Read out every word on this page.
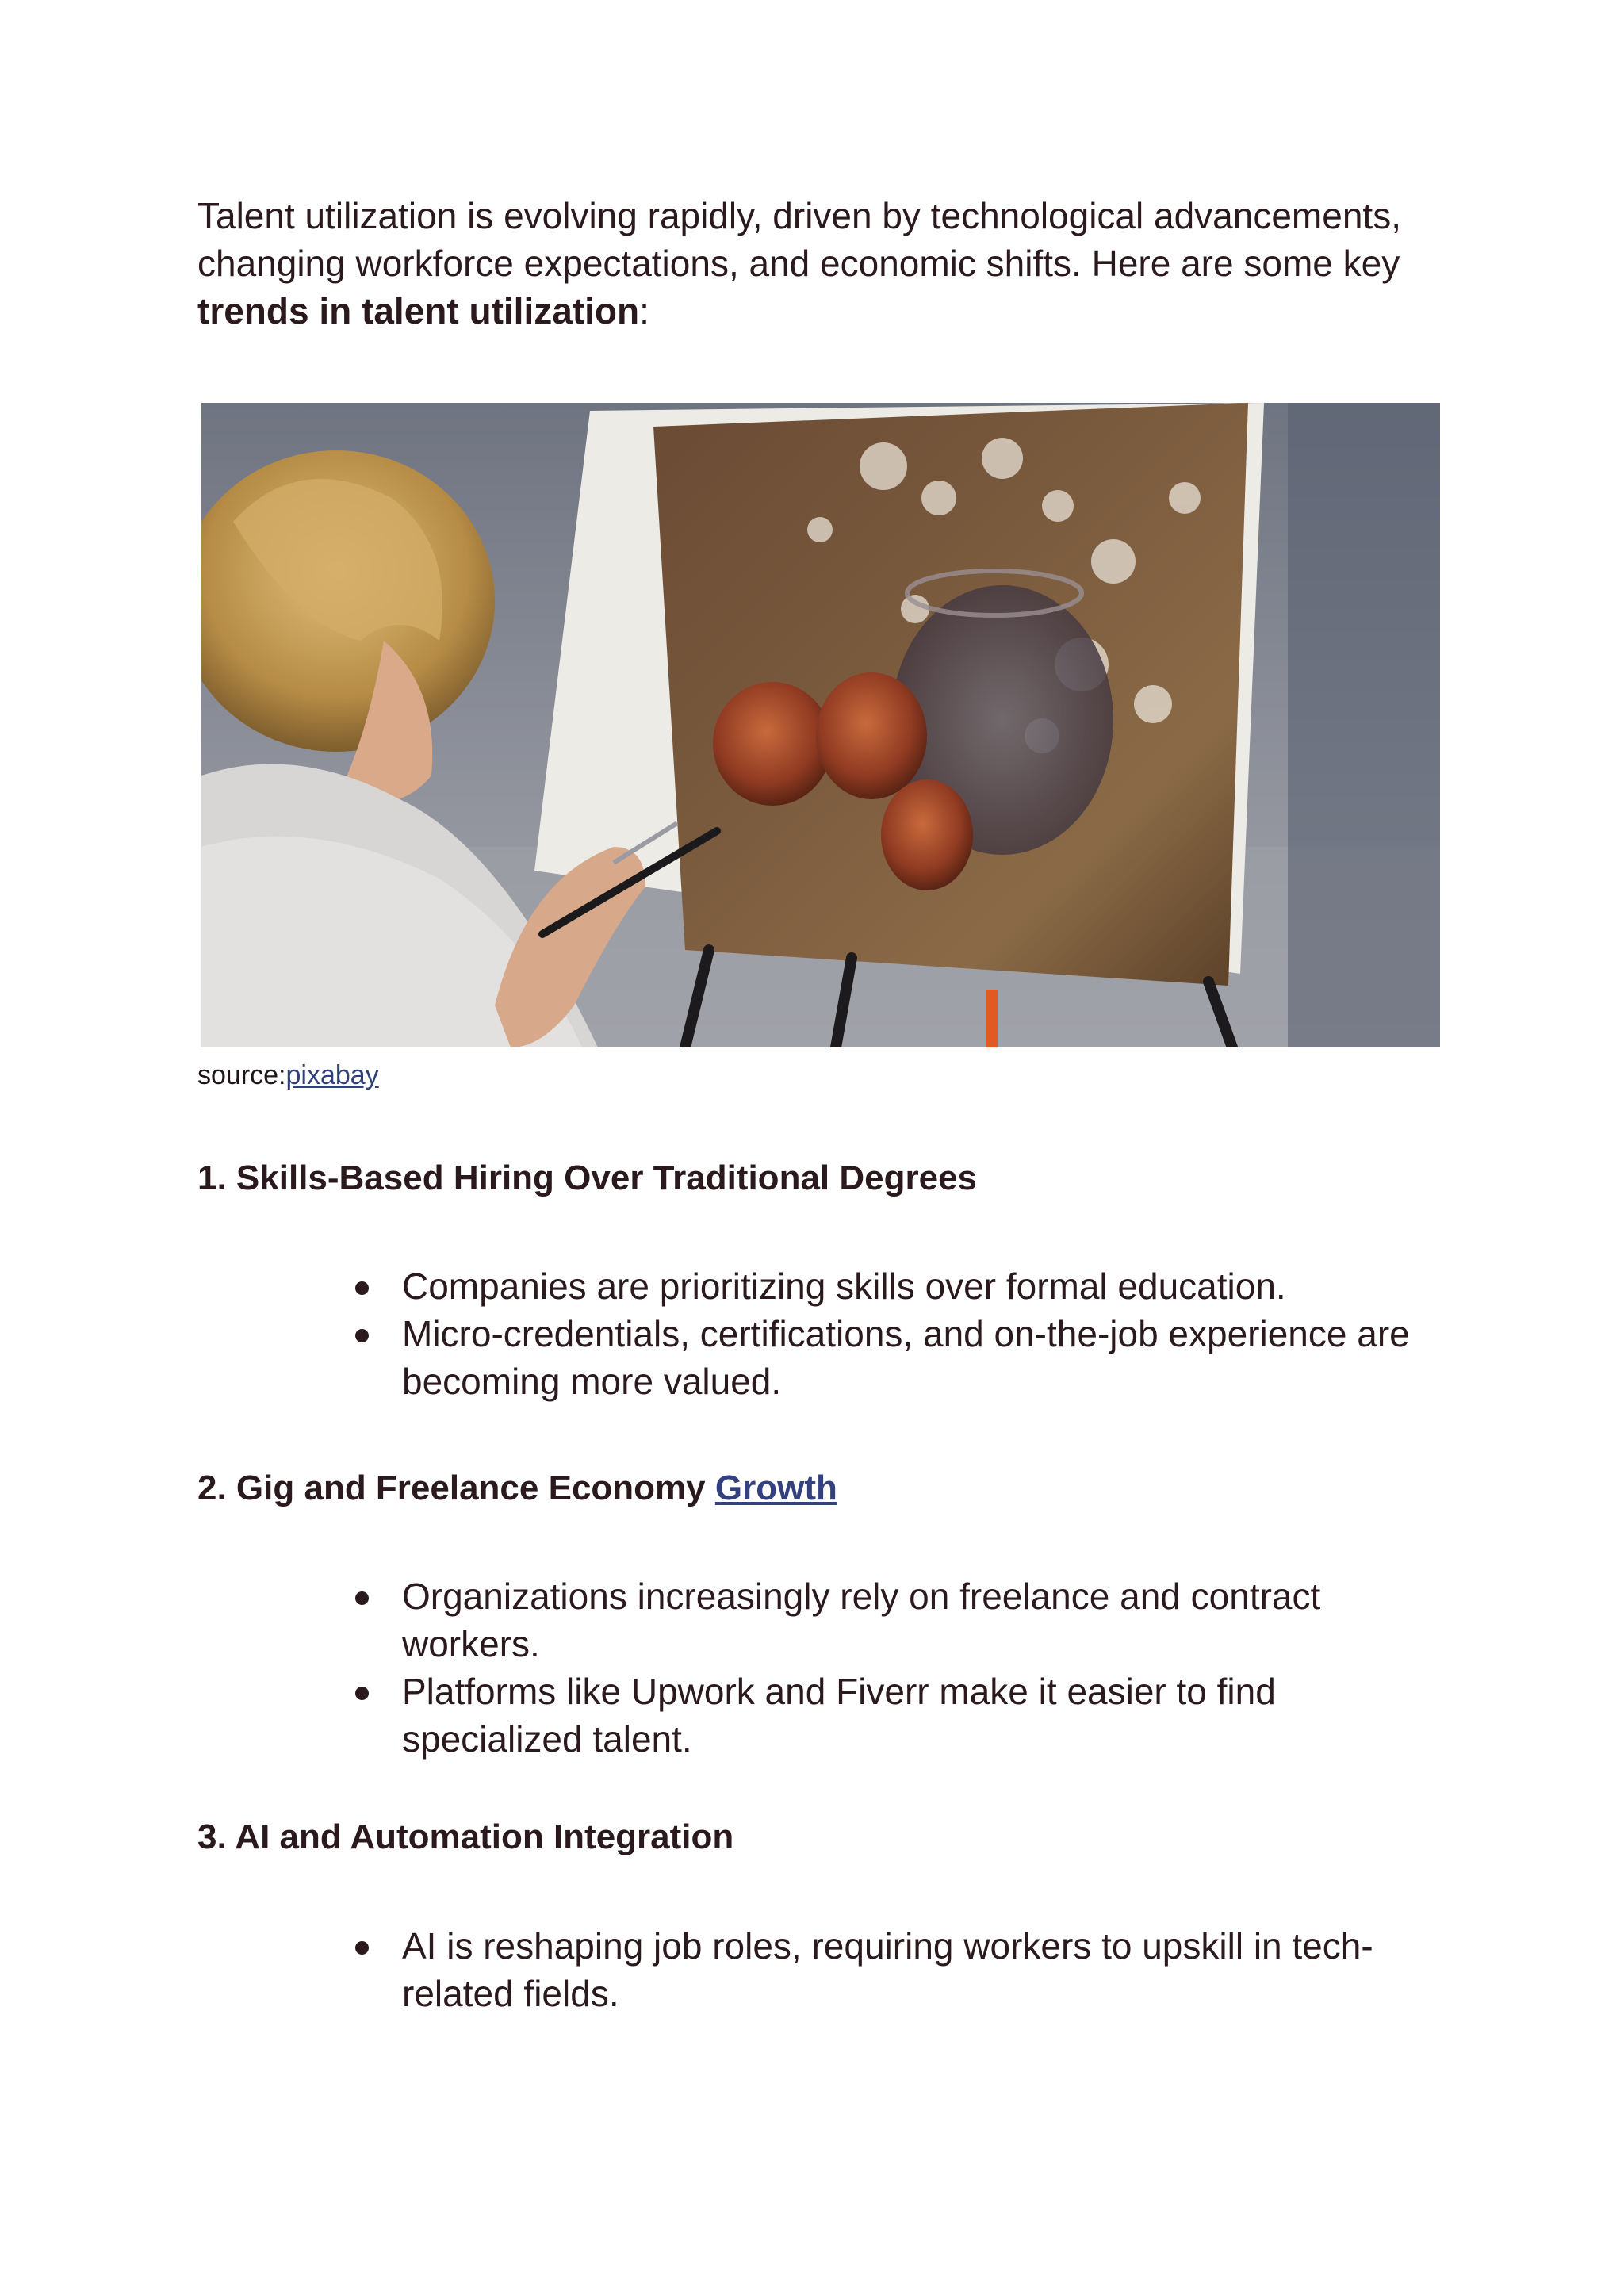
Talent utilization is evolving rapidly, driven by technological advancements, changing workforce expectations, and economic shifts. Here are some key trends in talent utilization:

source:pixabay
1. Skills-Based Hiring Over Traditional Degrees
Companies are prioritizing skills over formal education.
Micro-credentials, certifications, and on-the-job experience are becoming more valued.
2. Gig and Freelance Economy Growth
Organizations increasingly rely on freelance and contract workers.
Platforms like Upwork and Fiverr make it easier to find specialized talent.
3. AI and Automation Integration
AI is reshaping job roles, requiring workers to upskill in tech-related fields.
